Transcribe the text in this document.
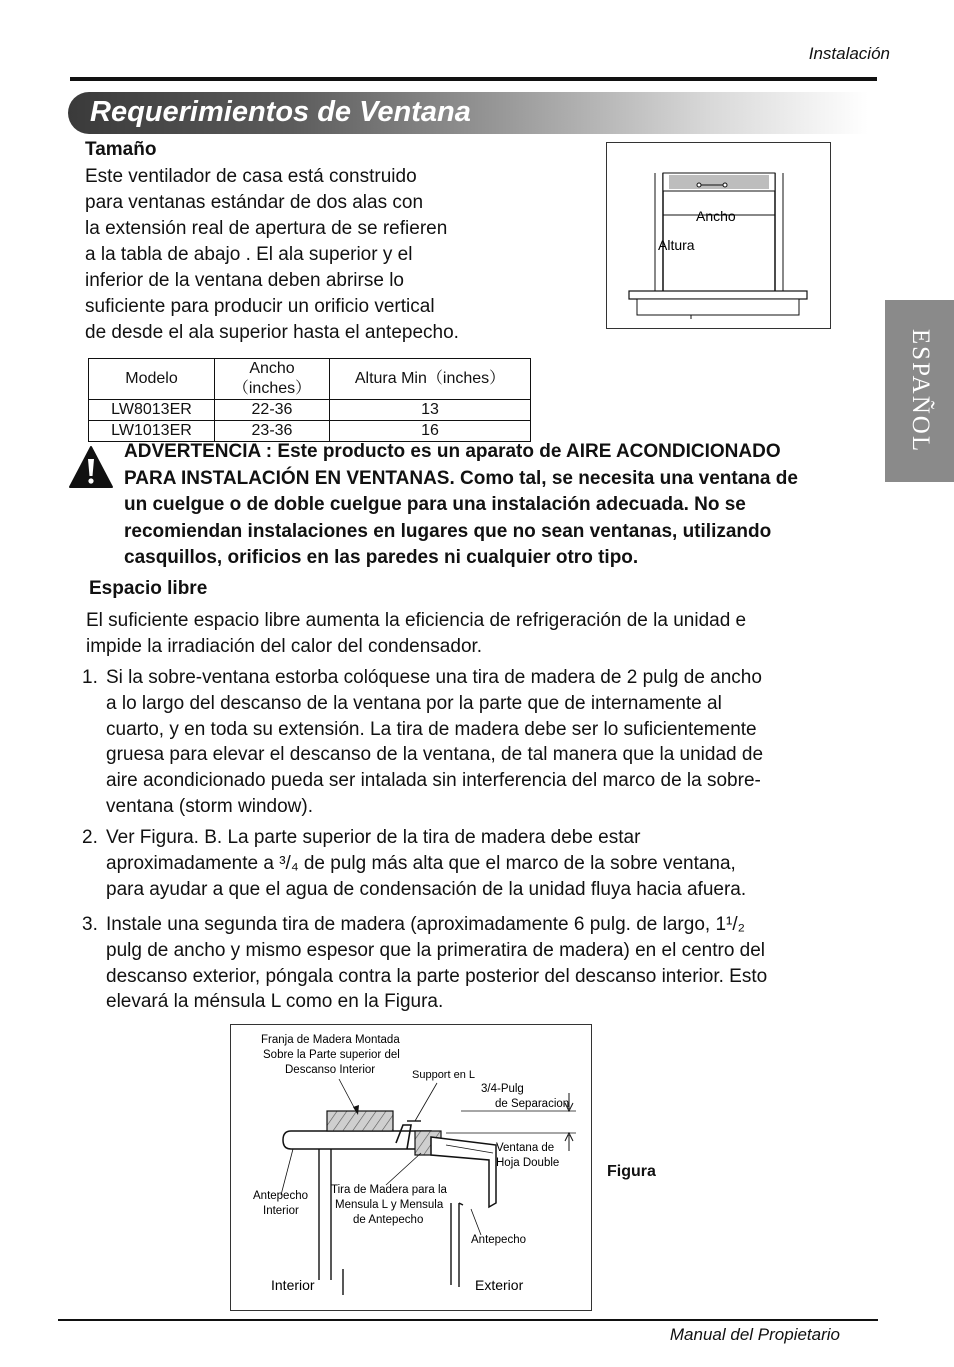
Instalación
Requerimientos de Ventana
ESPAÑOL
Tamaño
Este ventilador de casa está construido
para ventanas estándar de dos alas con
la extensión real de apertura de se refieren
a la tabla de abajo . El ala superior y el
inferior de la ventana deben abrirse lo
suficiente para producir un orificio vertical
de desde el ala superior hasta el antepecho.
Ancho
Altura
Modelo	Ancho（inches）	Altura Min（inches）
LW8013ER	22-36	13
LW1013ER	23-36	16
ADVERTENCIA : Este producto es un aparato de AIRE ACONDICIONADO
PARA INSTALACIÓN EN VENTANAS. Como tal, se necesita una ventana de
un cuelgue o de doble cuelgue para una instalación adecuada. No se
recomiendan instalaciones en lugares que no sean ventanas, utilizando
casquillos, orificios en las paredes ni cualquier otro tipo.
Espacio libre
El suficiente espacio libre aumenta la eficiencia de refrigeración de la unidad e
impide la irradiación del calor del condensador.
1. Si la sobre-ventana estorba colóquese una tira de madera de 2 pulg de ancho
a lo largo del descanso de la ventana por la parte que de internamente al
cuarto, y en toda su extensión. La tira de madera debe ser lo suficientemente
gruesa para elevar el descanso de la ventana, de tal manera que la unidad de
aire acondicionado pueda ser intalada sin interferencia del marco de la sobre-
ventana (storm window).
2. Ver Figura. B. La parte superior de la tira de madera debe estar
aproximadamente a ³/₄ de pulg más alta que el marco de la sobre ventana,
para ayudar a que el agua de condensación de la unidad fluya hacia afuera.
3. Instale una segunda tira de madera (aproximadamente 6 pulg. de largo, 1¹/₂
pulg de ancho y mismo espesor que la primeratira de madera) en el centro del
descanso exterior, póngala contra la parte posterior del descanso interior. Esto
elevará la ménsula L como en la Figura.
Franja de Madera Montada Sobre la Parte superior del Descanso Interior	Support en L
3/4-Pulg de Separacion
Ventana de Hoja Double
Antepecho Interior
Tira de Madera para la Mensula L y Mensula de Antepecho
Antepecho
Interior	Exterior
Figura
Manual del Propietario
